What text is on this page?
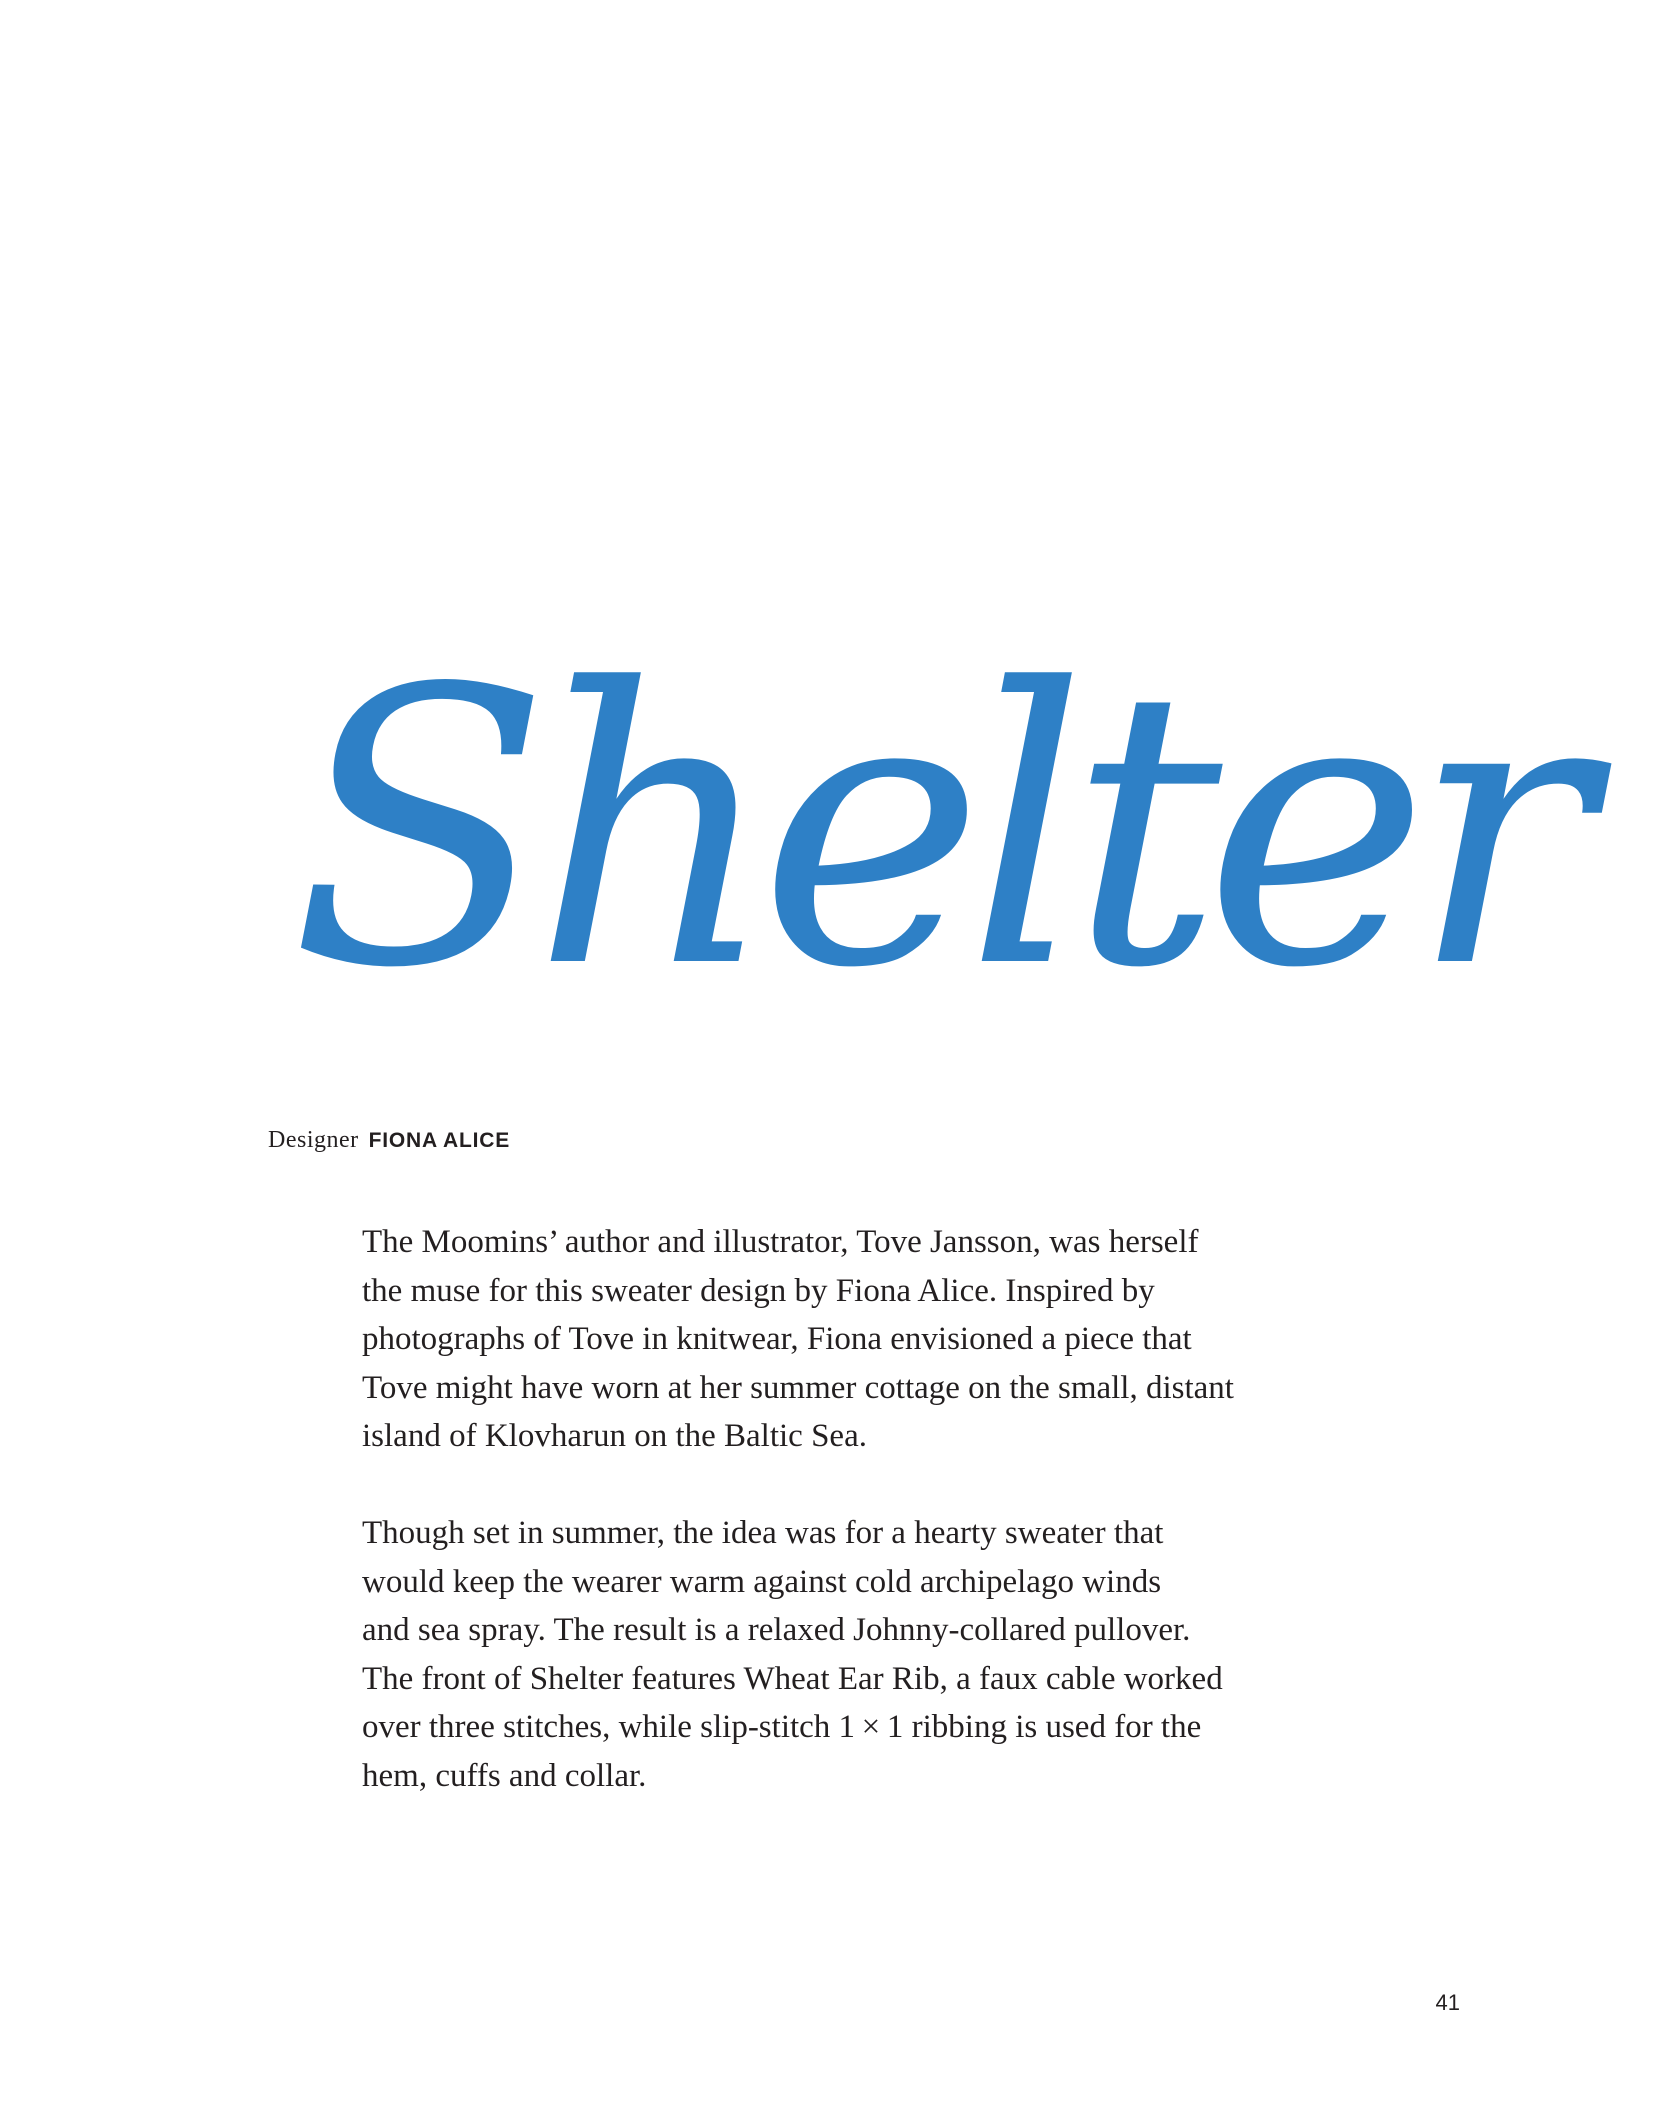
Shelter
Designer FIONA ALICE

The Moomins’ author and illustrator, Tove Jansson, was herself
the muse for this sweater design by Fiona Alice. Inspired by
photographs of Tove in knitwear, Fiona envisioned a piece that
Tove might have worn at her summer cottage on the small, distant
island of Klovharun on the Baltic Sea.

Though set in summer, the idea was for a hearty sweater that
would keep the wearer warm against cold archipelago winds
and sea spray. The result is a relaxed Johnny-collared pullover.
The front of Shelter features Wheat Ear Rib, a faux cable worked
over three stitches, while slip-stitch 1 × 1 ribbing is used for the
hem, cuffs and collar.

41
